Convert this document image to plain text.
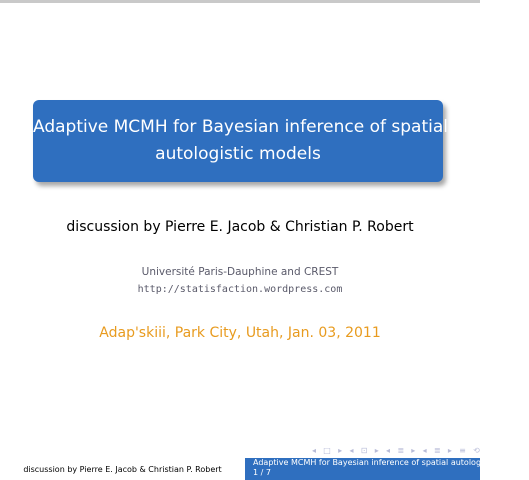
Adaptive MCMH for Bayesian inference of spatial
autologistic models
discussion by Pierre E. Jacob & Christian P. Robert
Université Paris-Dauphine and CREST
http://statisfaction.wordpress.com
Adap'skiii, Park City, Utah, Jan. 03, 2011
◂ □ ▸ ◂ ⊡ ▸ ◂ ≣ ▸ ◂ ≣ ▸ ≡ ⟲
discussion by Pierre E. Jacob & Christian P. Robert
Adaptive MCMH for Bayesian inference of spatial autologistic models
1 / 7
